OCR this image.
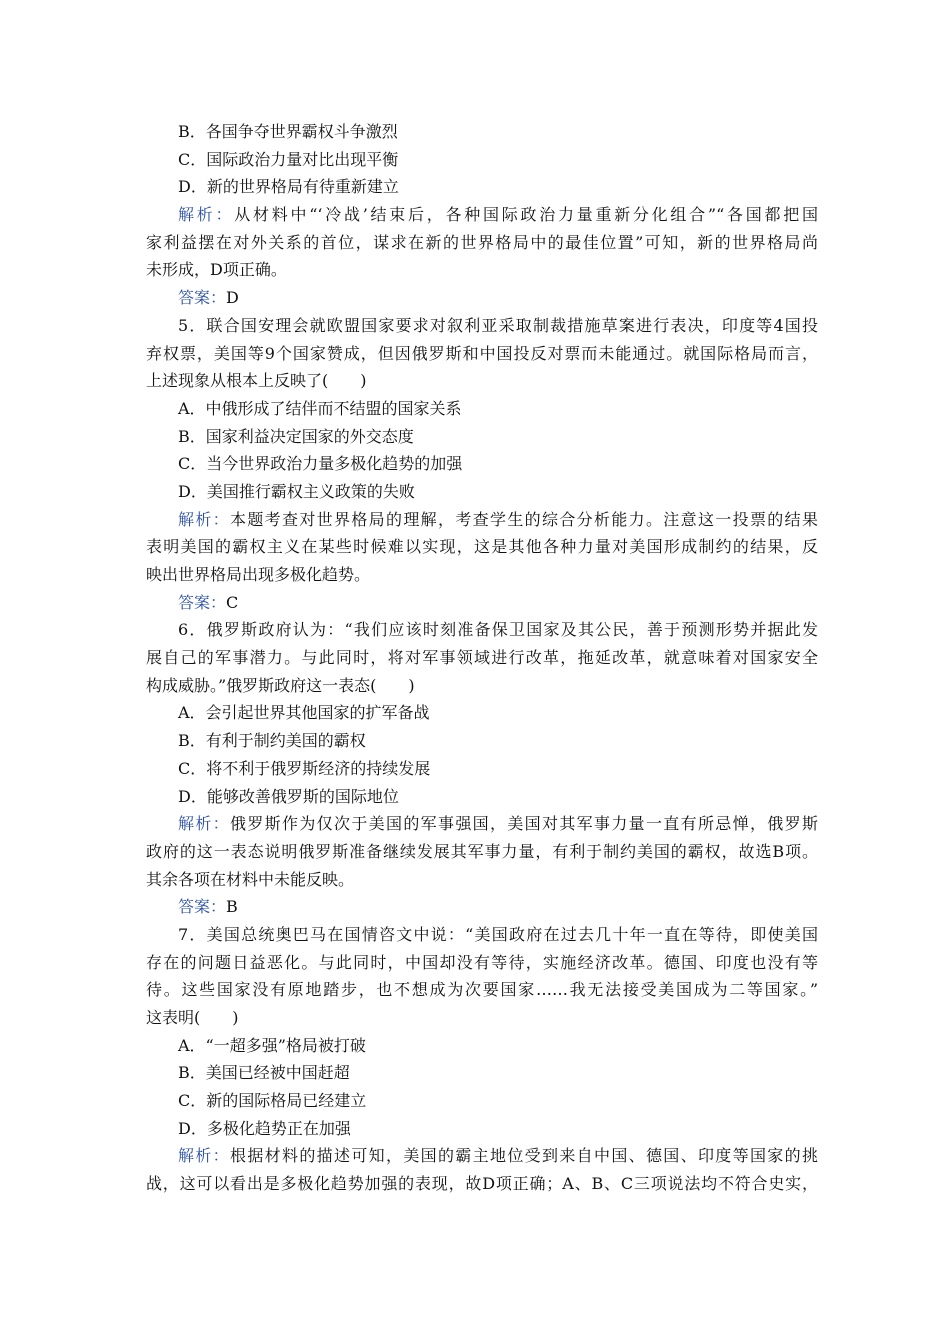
B．各国争夺世界霸权斗争激烈
C．国际政治力量对比出现平衡
D．新的世界格局有待重新建立
解析：从材料中“‘冷战’结束后，各种国际政治力量重新分化组合”“各国都把国
家利益摆在对外关系的首位，谋求在新的世界格局中的最佳位置”可知，新的世界格局尚
未形成，D项正确。
答案：D
5．联合国安理会就欧盟国家要求对叙利亚采取制裁措施草案进行表决，印度等4国投
弃权票，美国等9个国家赞成，但因俄罗斯和中国投反对票而未能通过。就国际格局而言，
上述现象从根本上反映了(　　)
A．中俄形成了结伴而不结盟的国家关系
B．国家利益决定国家的外交态度
C．当今世界政治力量多极化趋势的加强
D．美国推行霸权主义政策的失败
解析：本题考查对世界格局的理解，考查学生的综合分析能力。注意这一投票的结果
表明美国的霸权主义在某些时候难以实现，这是其他各种力量对美国形成制约的结果，反
映出世界格局出现多极化趋势。
答案：C
6．俄罗斯政府认为：“我们应该时刻准备保卫国家及其公民，善于预测形势并据此发
展自己的军事潜力。与此同时，将对军事领域进行改革，拖延改革，就意味着对国家安全
构成威胁。”俄罗斯政府这一表态(　　)
A．会引起世界其他国家的扩军备战
B．有利于制约美国的霸权
C．将不利于俄罗斯经济的持续发展
D．能够改善俄罗斯的国际地位
解析：俄罗斯作为仅次于美国的军事强国，美国对其军事力量一直有所忌惮，俄罗斯
政府的这一表态说明俄罗斯准备继续发展其军事力量，有利于制约美国的霸权，故选B项。
其余各项在材料中未能反映。
答案：B
7．美国总统奥巴马在国情咨文中说：“美国政府在过去几十年一直在等待，即使美国
存在的问题日益恶化。与此同时，中国却没有等待，实施经济改革。德国、印度也没有等
待。这些国家没有原地踏步，也不想成为次要国家……我无法接受美国成为二等国家。”
这表明(　　)
A．“一超多强”格局被打破
B．美国已经被中国赶超
C．新的国际格局已经建立
D．多极化趋势正在加强
解析：根据材料的描述可知，美国的霸主地位受到来自中国、德国、印度等国家的挑
战，这可以看出是多极化趋势加强的表现，故D项正确；A、B、C三项说法均不符合史实，
